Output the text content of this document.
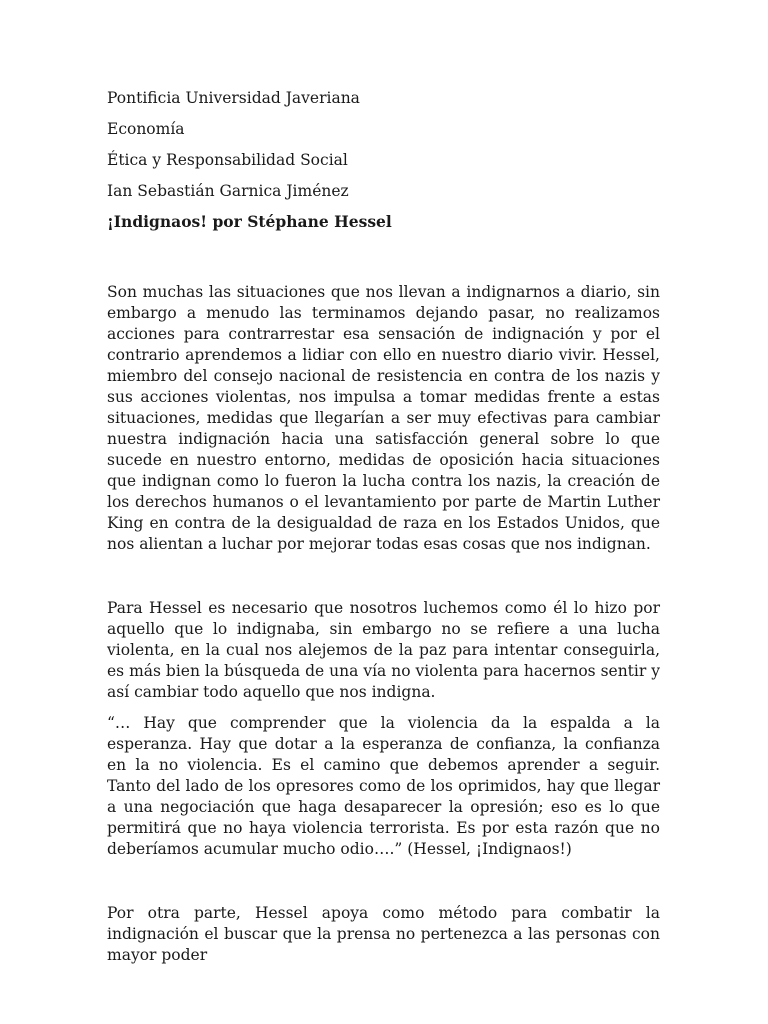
Pontificia Universidad Javeriana
Economía
Ética y Responsabilidad Social
Ian Sebastián Garnica Jiménez
¡Indignaos! por Stéphane Hessel

Son muchas las situaciones que nos llevan a indignarnos a diario, sin embargo a menudo las terminamos dejando pasar, no realizamos acciones para contrarrestar esa sensación de indignación y por el contrario aprendemos a lidiar con ello en nuestro diario vivir. Hessel, miembro del consejo nacional de resistencia en contra de los nazis y sus acciones violentas, nos impulsa a tomar medidas frente a estas situaciones, medidas que llegarían a ser muy efectivas para cambiar nuestra indignación hacia una satisfacción general sobre lo que sucede en nuestro entorno, medidas de oposición hacia situaciones que indignan como lo fueron la lucha contra los nazis, la creación de los derechos humanos o el levantamiento por parte de Martin Luther King en contra de la desigualdad de raza en los Estados Unidos, que nos alientan a luchar por mejorar todas esas cosas que nos indignan.

Para Hessel es necesario que nosotros luchemos como él lo hizo por aquello que lo indignaba, sin embargo no se refiere a una lucha violenta, en la cual nos alejemos de la paz para intentar conseguirla, es más bien la búsqueda de una vía no violenta para hacernos sentir y así cambiar todo aquello que nos indigna.

“… Hay que comprender que la violencia da la espalda a la esperanza. Hay que dotar a la esperanza de confianza, la confianza en la no violencia. Es el camino que debemos aprender a seguir. Tanto del lado de los opresores como de los oprimidos, hay que llegar a una negociación que haga desaparecer la opresión; eso es lo que permitirá que no haya violencia terrorista. Es por esta razón que no deberíamos acumular mucho odio….” (Hessel, ¡Indignaos!)

Por otra parte, Hessel apoya como método para combatir la indignación el buscar que la prensa no pertenezca a las personas con mayor poder
